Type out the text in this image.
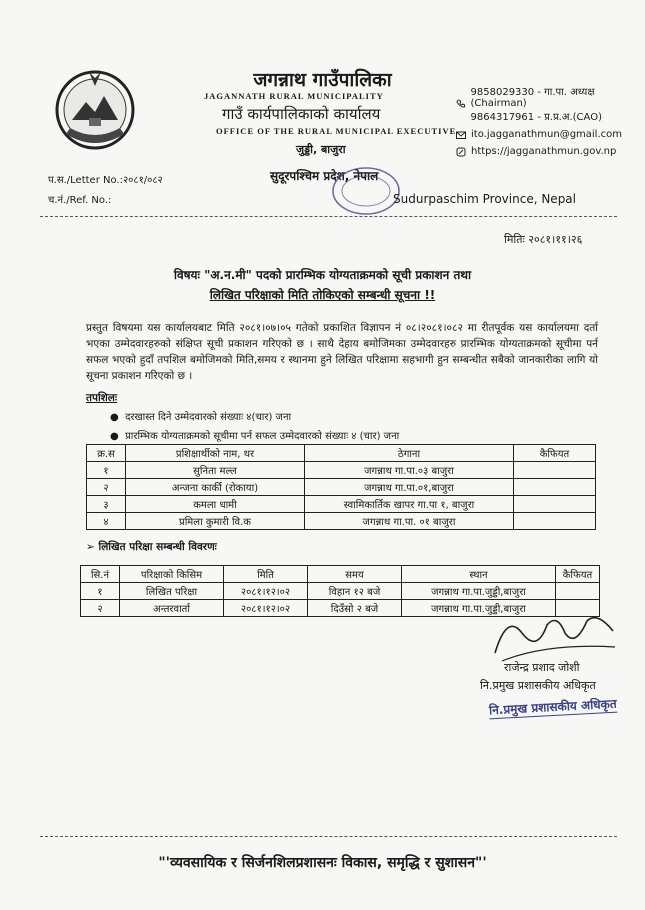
जगन्नाथ गाउँपालिका
JAGANNATH RURAL MUNICIPALITY
गाउँ कार्यपालिकाको कार्यालय
OFFICE OF THE RURAL MUNICIPAL EXECUTIVE
जुड्डी, बाजुरा
सुदूरपश्चिम प्रदेश, नेपाल
9858029330 - गा.पा. अध्यक्ष (Chairman)
9864317961 - प्र.प्र.अ.(CAO)
ito.jagganathmun@gmail.com
https://jagganathmun.gov.np
प.स./Letter No.:२०८१/०८२
च.नं./Ref. No.:	Sudurpaschim Province, Nepal
मितिः २०८१।११।२६
विषयः "अ.न.मी" पदको प्रारम्भिक योग्यताक्रमको सूची प्रकाशन तथा
लिखित परिक्षाको मिति तोकिएको सम्बन्धी सूचना !!
प्रस्तुत विषयमा यस कार्यालयबाट मिति २०८१।०७।०५ गतेको प्रकाशित विज्ञापन नं ०८।२०८१।०८२ मा रीतपूर्वक यस कार्यालयमा दर्ता भएका उम्मेदवारहरुको संक्षिप्त सूची प्रकाशन गरिएको छ । साथै देहाय बमोजिमका उम्मेदवारहरु प्रारम्भिक योग्यताक्रमको सूचीमा पर्न सफल भएको हुदाँ तपशिल बमोजिमको मिति,समय र स्थानमा हुने लिखित परिक्षामा सहभागी हुन सम्बन्धीत सबैको जानकारीका लागि यो सूचना प्रकाशन गरिएको छ ।
तपशिलः
●  दरखास्त दिने उम्मेदवारको संख्याः ४(चार) जना
●  प्रारम्भिक योग्यताक्रमको सूचीमा पर्न सफल उम्मेदवारको संख्याः ४ (चार) जना
क्र.स	प्रशिक्षार्थीको नाम, थर	ठेगाना	कैफियत
१	सुनिता मल्ल	जगन्नाथ गा.पा.०३ बाजुरा	
२	अन्जना कार्की (रोकाया)	जगन्नाथ गा.पा.०१,बाजुरा	
३	कमला धामी	स्वामिकार्तिक खापर गा.पा १, बाजुरा	
४	प्रमिला कुमारी वि.क	जगन्नाथ गा.पा. ०१ बाजुरा	
➢ लिखित परिक्षा सम्बन्धी विवरणः
सि.नं	परिक्षाको किसिम	मिति	समय	स्थान	कैफियत
१	लिखित परिक्षा	२०८१।१२।०२	विहान १२ बजे	जगन्नाथ गा.पा.जुड्डी,बाजुरा	
२	अन्तरवार्ता	२०८१।१२।०२	दिउँसो २ बजे	जगन्नाथ गा.पा.जुड्डी,बाजुरा	
राजेन्द्र प्रशाद जोशी
नि.प्रमुख प्रशासकीय अधिकृत
नि.प्रमुख प्रशासकीय अधिकृत
"'व्यवसायिक र सिर्जनशिलप्रशासनः विकास, समृद्धि र सुशासन"'
